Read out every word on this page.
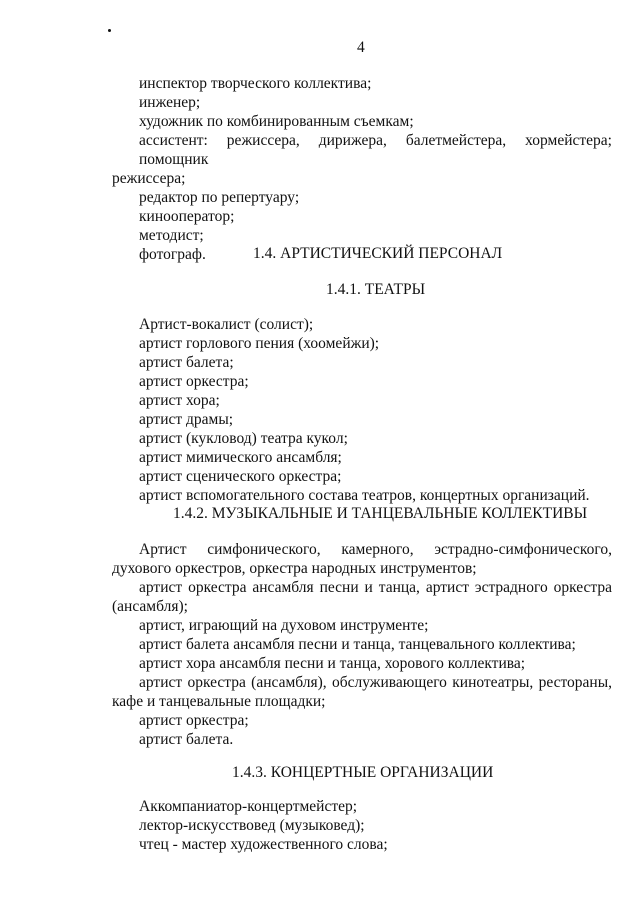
4

инспектор творческого коллектива;

инженер;

художник по комбинированным съемкам;

ассистент: режиссера, дирижера, балетмейстера, хормейстера; помощник

режиссера;

редактор по репертуару;

кинооператор;

методист;

фотограф.	1.4. АРТИСТИЧЕСКИЙ ПЕРСОНАЛ
1.4.1. ТЕАТРЫ

Артист-вокалист (солист);

артист горлового пения (хоомейжи);

артист балета;

артист оркестра;

артист хора;

артист драмы;

артист (кукловод) театра кукол;

артист мимического ансамбля;

артист сценического оркестра;

артист вспомогательного состава театров, концертных организаций.

1.4.2. МУЗЫКАЛЬНЫЕ И ТАНЦЕВАЛЬНЫЕ КОЛЛЕКТИВЫ

Артист симфонического, камерного, эстрадно-симфонического,

духового оркестров, оркестра народных инструментов;

артист оркестра ансамбля песни и танца, артист эстрадного оркестра

(ансамбля);

артист, играющий на духовом инструменте;

артист балета ансамбля песни и танца, танцевального коллектива;

артист хора ансамбля песни и танца, хорового коллектива;

артист оркестра (ансамбля), обслуживающего кинотеатры, рестораны,

кафе и танцевальные площадки;

артист оркестра;

артист балета.

1.4.3. КОНЦЕРТНЫЕ ОРГАНИЗАЦИИ

Аккомпаниатор-концертмейстер;

лектор-искусствовед (музыковед);

чтец - мастер художественного слова;
